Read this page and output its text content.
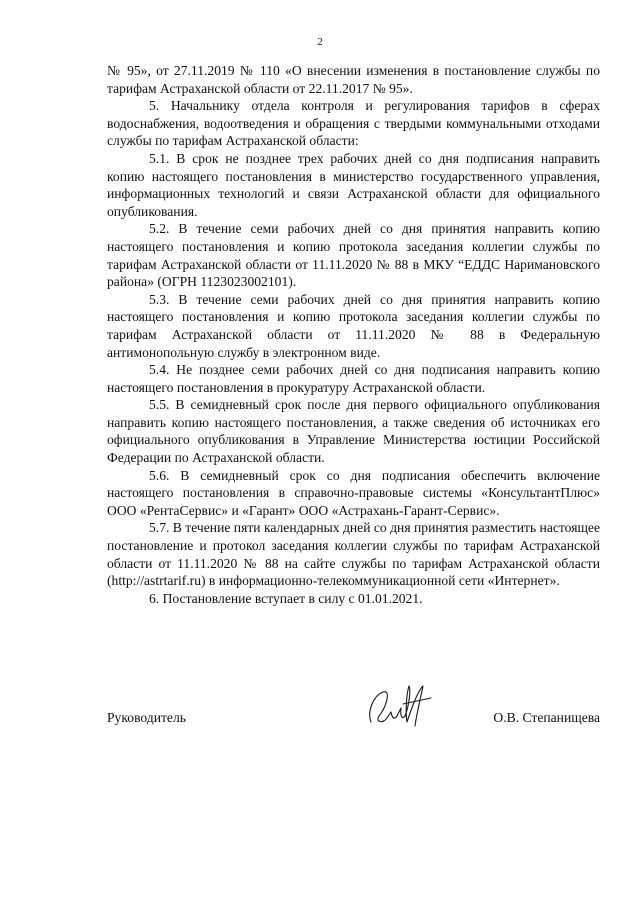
2

№ 95», от 27.11.2019 № 110 «О внесении изменения в постановление службы по тарифам Астраханской области от 22.11.2017 № 95».

5. Начальнику отдела контроля и регулирования тарифов в сферах водоснабжения, водоотведения и обращения с твердыми коммунальными отходами службы по тарифам Астраханской области:

5.1. В срок не позднее трех рабочих дней со дня подписания направить копию настоящего постановления в министерство государственного управления, информационных технологий и связи Астраханской области для официального опубликования.

5.2. В течение семи рабочих дней со дня принятия направить копию настоящего постановления и копию протокола заседания коллегии службы по тарифам Астраханской области от 11.11.2020 № 88 в МКУ “ЕДДС Наримановского района» (ОГРН 1123023002101).

5.3. В течение семи рабочих дней со дня принятия направить копию настоящего постановления и копию протокола заседания коллегии службы по тарифам Астраханской области от 11.11.2020 № 88 в Федеральную антимонопольную службу в электронном виде.

5.4. Не позднее семи рабочих дней со дня подписания направить копию настоящего постановления в прокуратуру Астраханской области.

5.5. В семидневный срок после дня первого официального опубликования направить копию настоящего постановления, а также сведения об источниках его официального опубликования в Управление Министерства юстиции Российской Федерации по Астраханской области.

5.6. В семидневный срок со дня подписания обеспечить включение настоящего постановления в справочно-правовые системы «КонсультантПлюс» ООО «РентаСервис» и «Гарант» ООО «Астрахань-Гарант-Сервис».

5.7. В течение пяти календарных дней со дня принятия разместить настоящее постановление и протокол заседания коллегии службы по тарифам Астраханской области от 11.11.2020 № 88 на сайте службы по тарифам Астраханской области (http://astrtarif.ru) в информационно-телекоммуникационной сети «Интернет».

6. Постановление вступает в силу с 01.01.2021.

Руководитель	О.В. Степанищева
